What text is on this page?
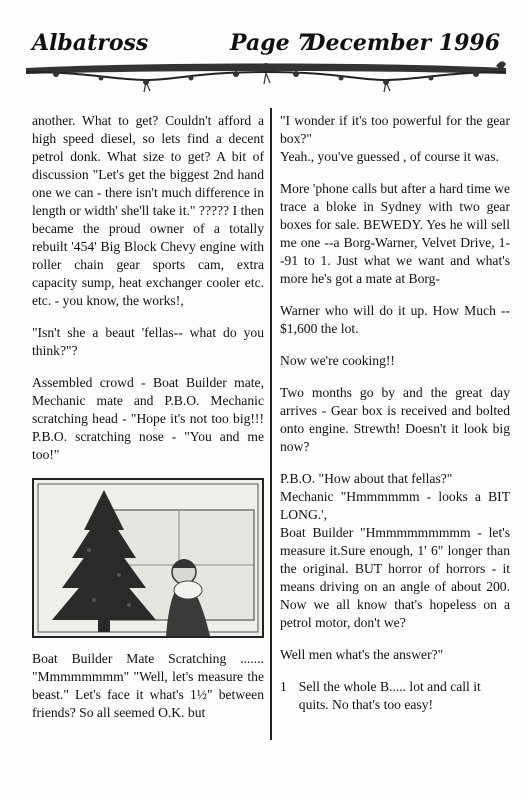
Albatross	Page 7
December 1996

another. What to get? Couldn't afford a high speed diesel, so lets find a decent petrol donk. What size to get? A bit of discussion "Let's get the biggest 2nd hand one we can - there isn't much difference in length or width' she'll take it." ????? I then became the proud owner of a totally rebuilt '454' Big Block Chevy engine with roller chain gear sports cam, extra capacity sump, heat exchanger cooler etc. etc. - you know, the works!,

"Isn't she a beaut 'fellas-- what do you think?"?

Assembled crowd - Boat Builder mate, Mechanic mate and P.B.O. Mechanic scratching head - "Hope it's not too big!!! P.B.O. scratching nose - "You and me too!"

Boat Builder Mate Scratching ....... "Mmmmmmmm" "Well, let's measure the beast." Let's face it what's 1½" between friends? So all seemed O.K. but

"I wonder if it's too powerful for the gear box?"
Yeah., you've guessed , of course it was.

More 'phone calls but after a hard time we trace a bloke in Sydney with two gear boxes for sale. BEWEDY. Yes he will sell me one --a Borg-Warner, Velvet Drive, 1--91 to 1. Just what we want and what's more he's got a mate at Borg-

Warner who will do it up. How Much -- $1,600 the lot.

Now we're cooking!!

Two months go by and the great day arrives - Gear box is received and bolted onto engine. Strewth! Doesn't it look big now?

P.B.O. "How about that fellas?"
Mechanic "Hmmmmmm - looks a BIT LONG.',
Boat Builder "Hmmmmmmmmm - let's measure it.Sure enough, 1' 6" longer than the original. BUT horror of horrors - it means driving on an angle of about 200. Now we all know that's hopeless on a petrol motor, don't we?

Well men what's the answer?"

1 Sell the whole B..... lot and call it quits. No that's too easy!
